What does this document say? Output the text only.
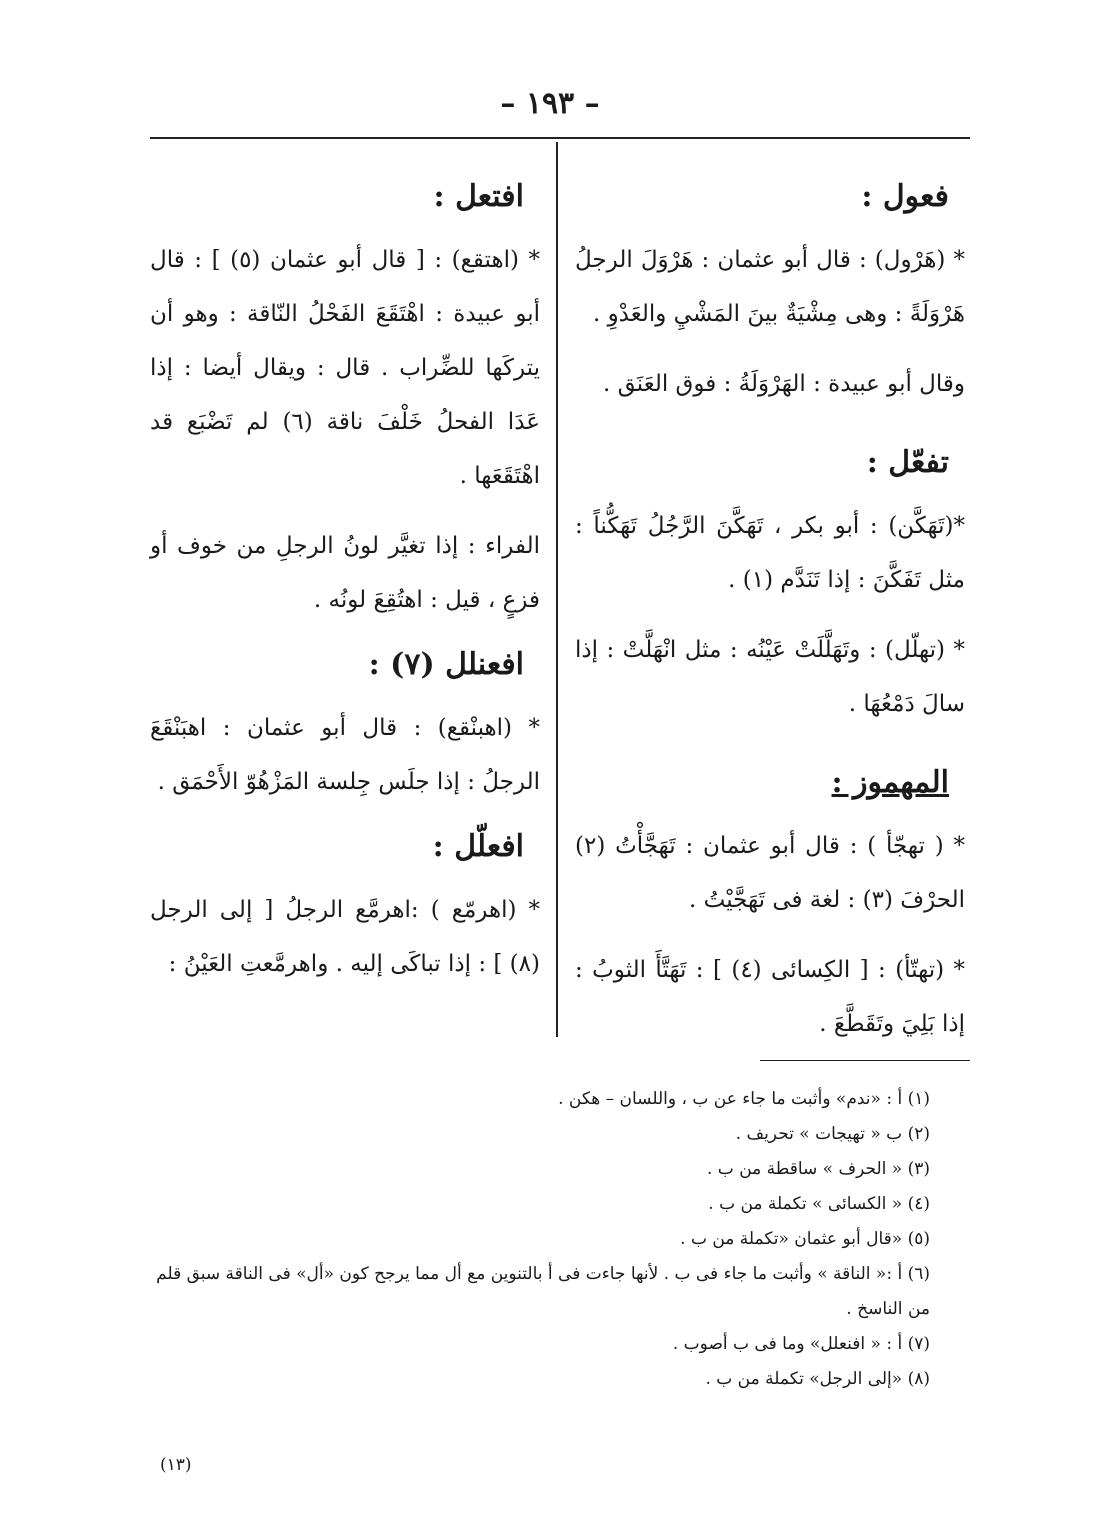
– ١٩٣ –
فعول :

* (هَرْول) : قال أبو عثمان : هَرْوَلَ الرجلُ هَرْوَلَةً : وهى مِشْيَةٌ بينَ المَشْيِ والعَدْوِ .

وقال أبو عبيدة : الهَرْوَلَةُ : فوق العَنَق .

تفعّل :

*(تَهَكَّن) : أبو بكر ، تَهَكَّنَ الرَّجُلُ تَهَكُّناً : مثل تَفَكَّنَ : إذا تَنَدَّم (١) .

* (تهلّل) : وتَهَلَّلَتْ عَيْنُه : مثل انْهَلَّتْ : إذا سالَ دَمْعُهَا .

المهموز :

* ( تهجّأ ) : قال أبو عثمان : تَهَجَّأْتُ (٢) الحرْفَ (٣) : لغة فى تَهَجَّيْتُ .

* (تهتّأ) : [ الكِسائى (٤) ] : تَهَتَّأَ الثوبُ : إذا بَلِيَ وتَقَطَّعَ .

افتعل :

* (اهتقع) : [ قال أبو عثمان (٥) ] : قال أبو عبيدة : اهْتَقَعَ الفَحْلُ النّاقة : وهو أن يتركَها للضِّراب . قال : ويقال أيضا : إذا عَدَا الفحلُ خَلْفَ ناقة (٦) لم تَضْبَع قد اهْتَقَعَها .

الفراء : إذا تغيَّر لونُ الرجلِ من خوف أو فزعٍ ، قيل : اهتُقِعَ لونُه .

افعنلل (٧) :

* (اهبنْقع) : قال أبو عثمان : اهبَنْقَعَ الرجلُ : إذا جلَس جِلسة المَزْهُوّ الأَحْمَق .

افعلّل :

* (اهرمّع ) :اهرمَّع الرجلُ [ إلى الرجل (٨) ] : إذا تباكَى إليه . واهرمَّعتِ العَيْنُ :

(١) أ : «ندم» وأثبت ما جاء عن ب ، واللسان – هكن .

(٢) ب « تهيجات » تحريف .

(٣) « الحرف » ساقطة من ب .

(٤) « الكسائى » تكملة من ب .

(٥) «قال أبو عثمان «تكملة من ب .

(٦) أ :« الناقة » وأثبت ما جاء فى ب . لأنها جاءت فى أ بالتنوين مع أل مما يرجح كون «أل» فى الناقة سبق قلم من الناسخ .

(٧) أ : « افنعلل» وما فى ب أصوب .

(٨) «إلى الرجل» تكملة من ب .

(١٣)
